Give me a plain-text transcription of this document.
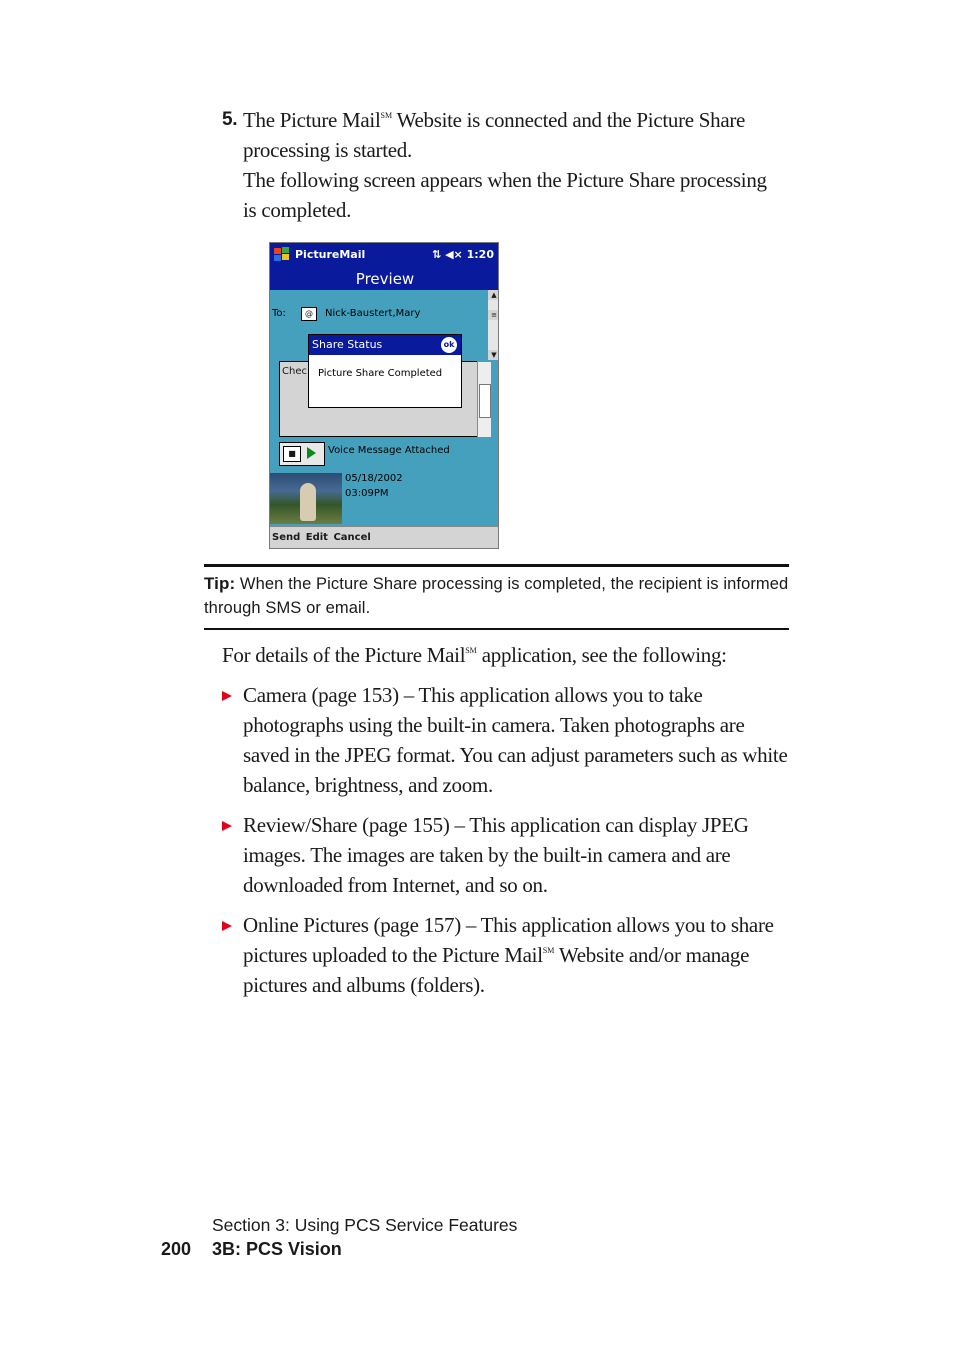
5. The Picture Mail℠ Website is connected and the Picture Share processing is started.
The following screen appears when the Picture Share processing is completed.
PictureMail	⇅ ◀× 1:20
Preview
To:	@	Nick-Baustert,Mary
▲
≡
▼
Chec
Share Status	ok
Picture Share Completed
■	Voice Message Attached
05/18/2002
03:09PM
Send Edit Cancel
Tip: When the Picture Share processing is completed, the recipient is informed through SMS or email.
For details of the Picture Mail℠ application, see the following:
Camera (page 153) – This application allows you to take photographs using the built-in camera. Taken photographs are saved in the JPEG format. You can adjust parameters such as white balance, brightness, and zoom.
Review/Share (page 155) – This application can display JPEG images. The images are taken by the built-in camera and are downloaded from Internet, and so on.
Online Pictures (page 157) – This application allows you to share pictures uploaded to the Picture Mail℠ Website and/or manage pictures and albums (folders).
Section 3: Using PCS Service Features
200 3B: PCS Vision
